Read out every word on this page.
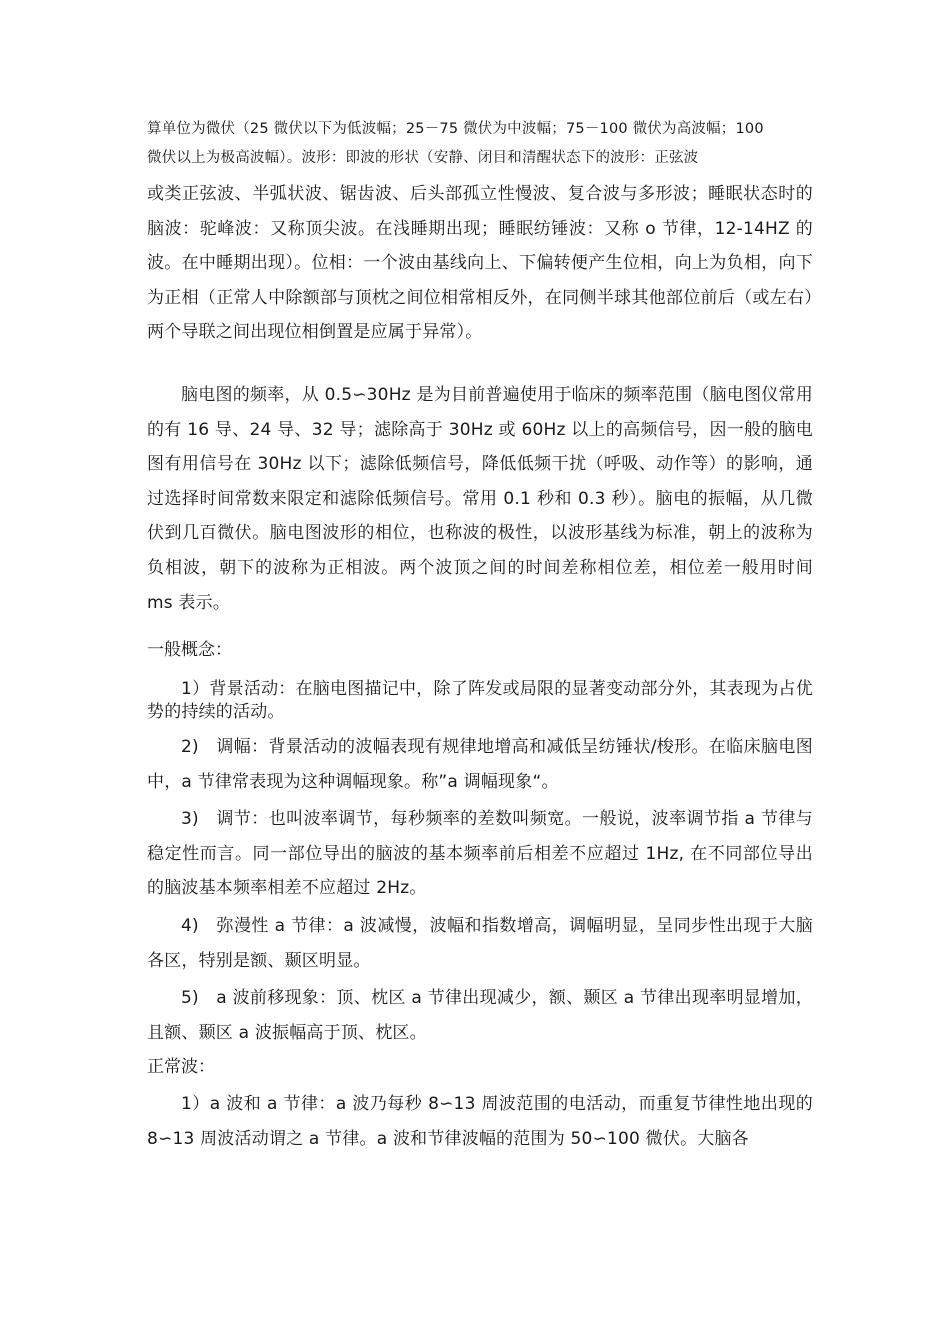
算单位为微伏（25 微伏以下为低波幅；25－75 微伏为中波幅；75－100 微伏为高波幅；100

微伏以上为极高波幅）。波形：即波的形状（安静、闭目和清醒状态下的波形：正弦波

或类正弦波、半弧状波、锯齿波、后头部孤立性慢波、复合波与多形波；睡眠状态时的脑波：驼峰波：又称顶尖波。在浅睡期出现；睡眠纺锤波：又称 o 节律，12-14HZ 的波。在中睡期出现）。位相：一个波由基线向上、下偏转便产生位相，向上为负相，向下为正相（正常人中除额部与顶枕之间位相常相反外，在同侧半球其他部位前后（或左右）两个导联之间出现位相倒置是应属于异常）。

脑电图的频率，从 0.5∽30Hz 是为目前普遍使用于临床的频率范围（脑电图仪常用的有 16 导、24 导、32 导；滤除高于 30Hz 或 60Hz 以上的高频信号，因一般的脑电图有用信号在 30Hz 以下；滤除低频信号，降低低频干扰（呼吸、动作等）的影响，通过选择时间常数来限定和滤除低频信号。常用 0.1 秒和 0.3 秒）。脑电的振幅，从几微伏到几百微伏。脑电图波形的相位，也称波的极性，以波形基线为标准，朝上的波称为负相波，朝下的波称为正相波。两个波顶之间的时间差称相位差，相位差一般用时间 ms 表示。

一般概念：

1）背景活动：在脑电图描记中，除了阵发或局限的显著变动部分外，其表现为占优势的持续的活动。

2)　调幅：背景活动的波幅表现有规律地增高和减低呈纺锤状/梭形。在临床脑电图中，a 节律常表现为这种调幅现象。称”a 调幅现象“。

3)　调节：也叫波率调节，每秒频率的差数叫频宽。一般说，波率调节指 a 节律与稳定性而言。同一部位导出的脑波的基本频率前后相差不应超过 1Hz, 在不同部位导出的脑波基本频率相差不应超过 2Hz。

4)　弥漫性 a 节律：a 波减慢，波幅和指数增高，调幅明显，呈同步性出现于大脑各区，特别是额、颞区明显。

5)　a 波前移现象：顶、枕区 a 节律出现减少，额、颞区 a 节律出现率明显增加，且额、颞区 a 波振幅高于顶、枕区。

正常波：

1）a 波和 a 节律：a 波乃每秒 8∽13 周波范围的电活动，而重复节律性地出现的 8∽13 周波活动谓之 a 节律。a 波和节律波幅的范围为 50∽100 微伏。大脑各
